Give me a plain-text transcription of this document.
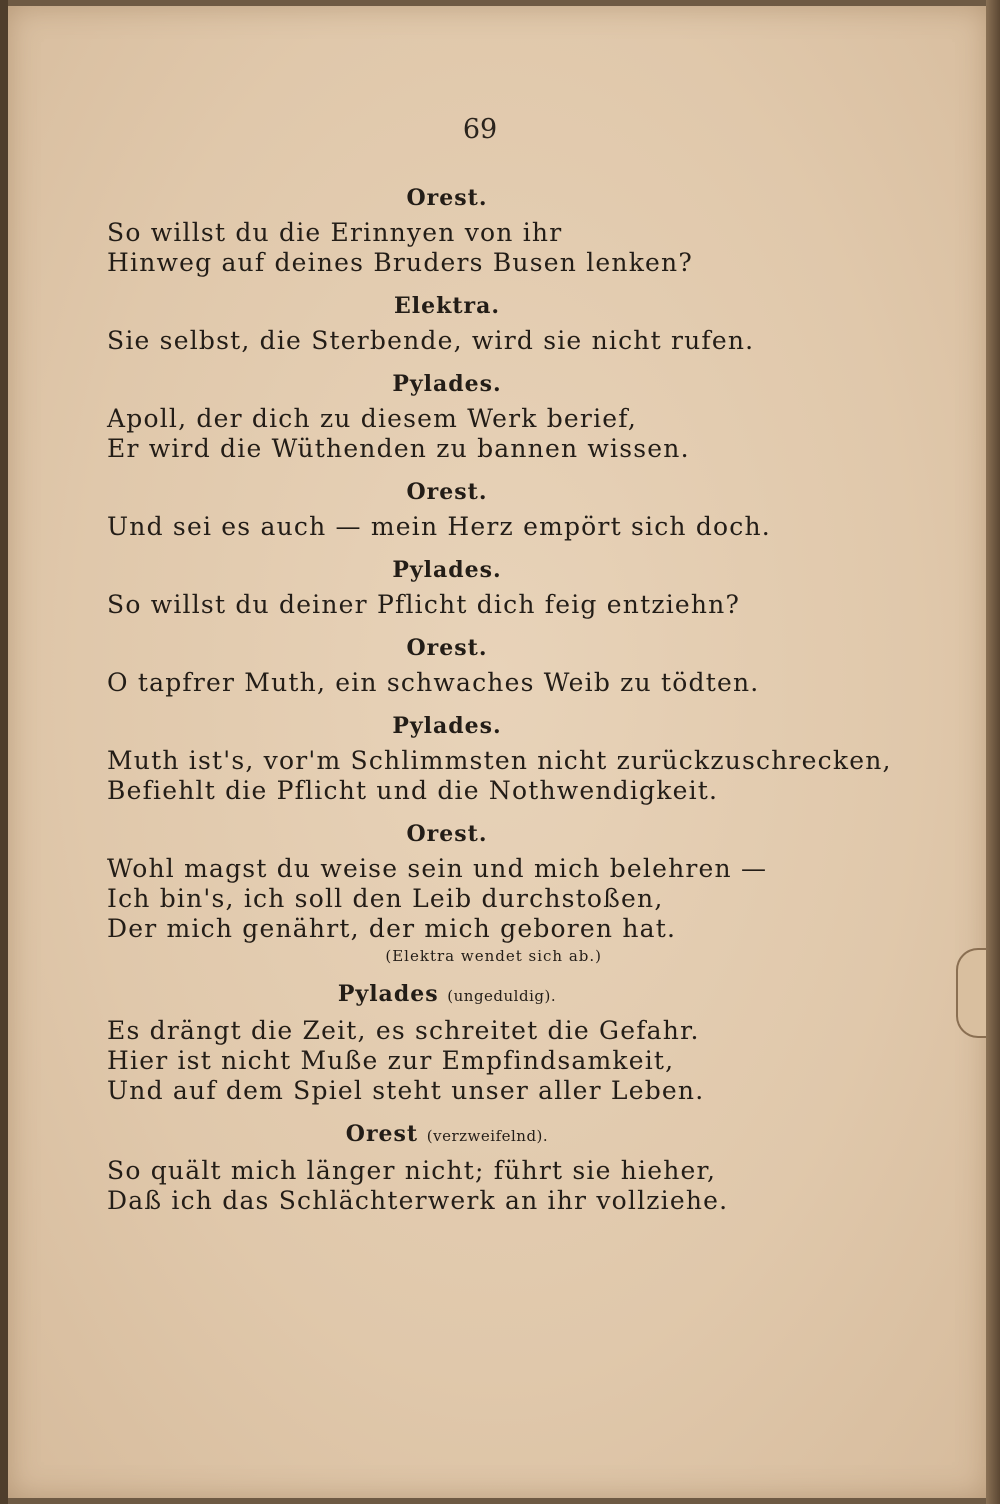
69
Orest.
So willst du die Erinnyen von ihr
Hinweg auf deines Bruders Busen lenken?
Elektra.
Sie selbst, die Sterbende, wird sie nicht rufen.
Pylades.
Apoll, der dich zu diesem Werk berief,
Er wird die Wüthenden zu bannen wissen.
Orest.
Und sei es auch — mein Herz empört sich doch.
Pylades.
So willst du deiner Pflicht dich feig entziehn?
Orest.
O tapfrer Muth, ein schwaches Weib zu tödten.
Pylades.
Muth ist's, vor'm Schlimmsten nicht zurückzuschrecken,
Befiehlt die Pflicht und die Nothwendigkeit.
Orest.
Wohl magst du weise sein und mich belehren —
Ich bin's, ich soll den Leib durchstoßen,
Der mich genährt, der mich geboren hat.
(Elektra wendet sich ab.)
Pylades (ungeduldig).
Es drängt die Zeit, es schreitet die Gefahr.
Hier ist nicht Muße zur Empfindsamkeit,
Und auf dem Spiel steht unser aller Leben.
Orest (verzweifelnd).
So quält mich länger nicht; führt sie hieher,
Daß ich das Schlächterwerk an ihr vollziehe.
